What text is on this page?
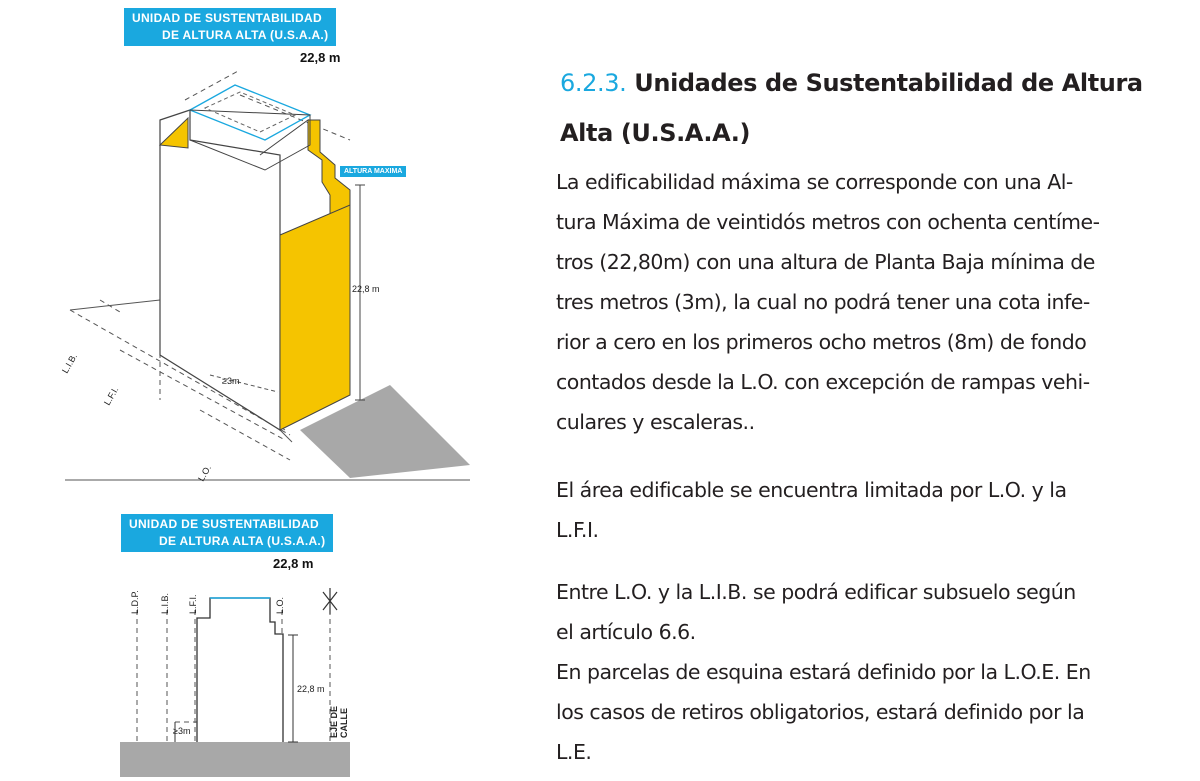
UNIDAD DE SUSTENTABILIDAD
DE ALTURA ALTA (U.S.A.A.)
22,8 m
ALTURA MAXIMA
22,8 m
≥3m
L.I.B.
L.F.I.
L.O.
UNIDAD DE SUSTENTABILIDAD
DE ALTURA ALTA (U.S.A.A.)
22,8 m
22,8 m
≥3m
L.D.P. L.I.B. L.F.I.	L.O.
EJE DE CALLE
6.2.3. Unidades de Sustentabilidad de Altura
Alta (U.S.A.A.)
La edificabilidad máxima se corresponde con una Al-
tura Máxima de veintidós metros con ochenta centíme-
tros (22,80m) con una altura de Planta Baja mínima de
tres metros (3m), la cual no podrá tener una cota infe-
rior a cero en los primeros ocho metros (8m) de fondo
contados desde la L.O. con excepción de rampas vehi-
culares y escaleras..
El área edificable se encuentra limitada por L.O. y la
L.F.I.
Entre L.O. y la L.I.B. se podrá edificar subsuelo según
el artículo 6.6.
En parcelas de esquina estará definido por la L.O.E. En
los casos de retiros obligatorios, estará definido por la
L.E.
